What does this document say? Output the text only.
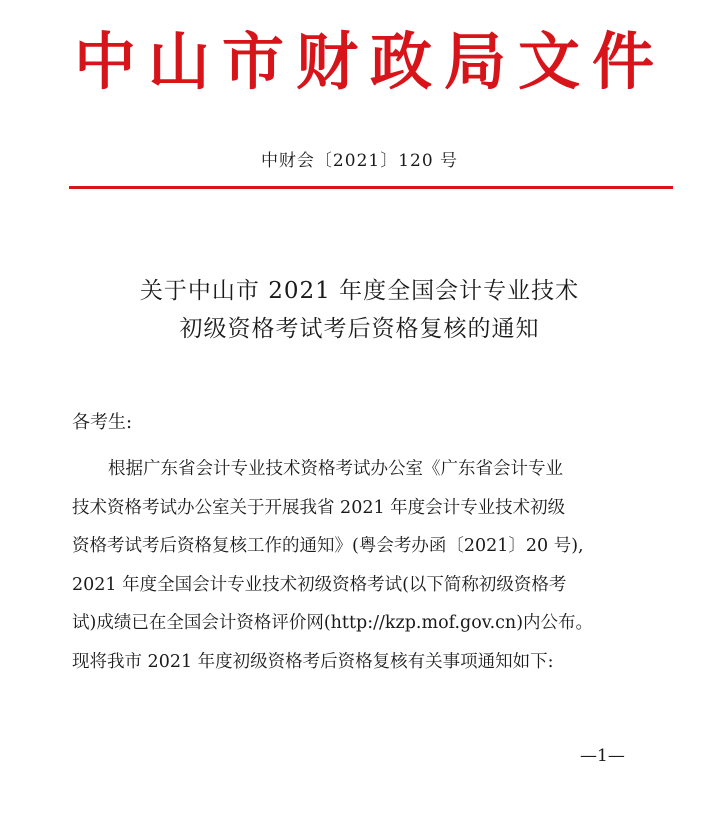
中山市财政局文件
中财会〔2021〕120 号
关于中山市 2021 年度全国会计专业技术
初级资格考试考后资格复核的通知
各考生:
根据广东省会计专业技术资格考试办公室《广东省会计专业
技术资格考试办公室关于开展我省 2021 年度会计专业技术初级
资格考试考后资格复核工作的通知》(粤会考办函〔2021〕20 号),
2021 年度全国会计专业技术初级资格考试(以下简称初级资格考
试)成绩已在全国会计资格评价网(http://kzp.mof.gov.cn)内公布。
现将我市 2021 年度初级资格考后资格复核有关事项通知如下:
—1—
